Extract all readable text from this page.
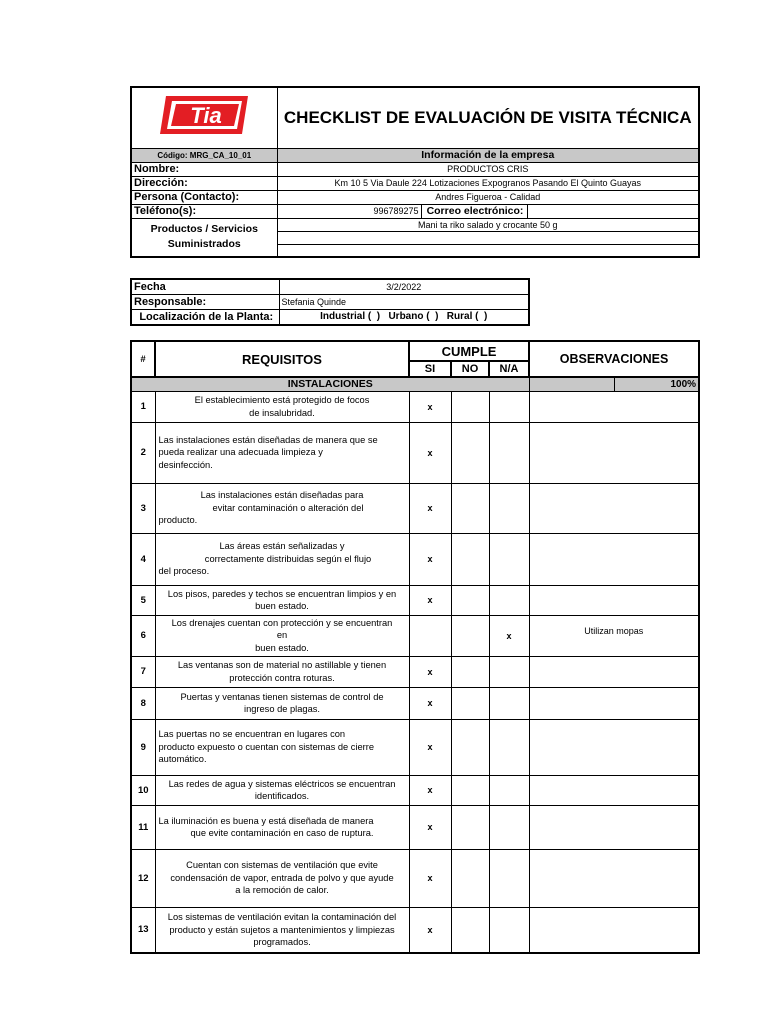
Tia	CHECKLIST DE EVALUACIÓN DE VISITA TÉCNICA		
Código: MRG_CA_10_01	Información de la empresa		
Nombre:	PRODUCTOS CRIS		
Dirección:	Km 10 5 Via Daule 224 Lotizaciones Expogranos Pasando El Quinto Guayas		
Persona (Contacto):	Andres Figueroa - Calidad		
Teléfono(s):	996789275	Correo electrónico:	

Productos / Servicios
Suministrados	Mani ta riko salado y crocante 50 g		

Fecha	3/2/2022
Responsable:	Stefania Quinde
Localización de la Planta:	Industrial (  )   Urbano (  )   Rural (  )
#	REQUISITOS	CUMPLE			OBSERVACIONES	
		SI	NO	N/A		
INSTALACIONES						100%
1	El establecimiento está protegido de focos
de insalubridad.	x				
2	Las instalaciones están diseñadas de manera que se
pueda realizar una adecuada limpieza y
desinfección.	x				
3	Las instalaciones están diseñadas para
evitar contaminación o alteración del
producto.	x				
4	Las áreas están señalizadas y
correctamente distribuidas según el flujo
del proceso.	x				
5	Los pisos, paredes y techos se encuentran limpios y en
buen estado.	x				
6	Los drenajes cuentan con protección y se encuentran
en
buen estado.			x	Utilizan mopas	
7	Las ventanas son de material no astillable y tienen
protección contra roturas.	x				
8	Puertas y ventanas tienen sistemas de control de
ingreso de plagas.	x				
9	Las puertas no se encuentran en lugares con
producto expuesto o cuentan con sistemas de cierre
automático.	x				
10	Las redes de agua y sistemas eléctricos se encuentran
identificados.	x				
11	La iluminación es buena y está diseñada de manera
que evite contaminación en caso de ruptura.	x				
12	Cuentan con sistemas de ventilación que evite
condensación de vapor, entrada de polvo y que ayude
a la remoción de calor.	x				
13	Los sistemas de ventilación evitan la contaminación del
producto y están sujetos a mantenimientos y limpiezas
programados.	x				
